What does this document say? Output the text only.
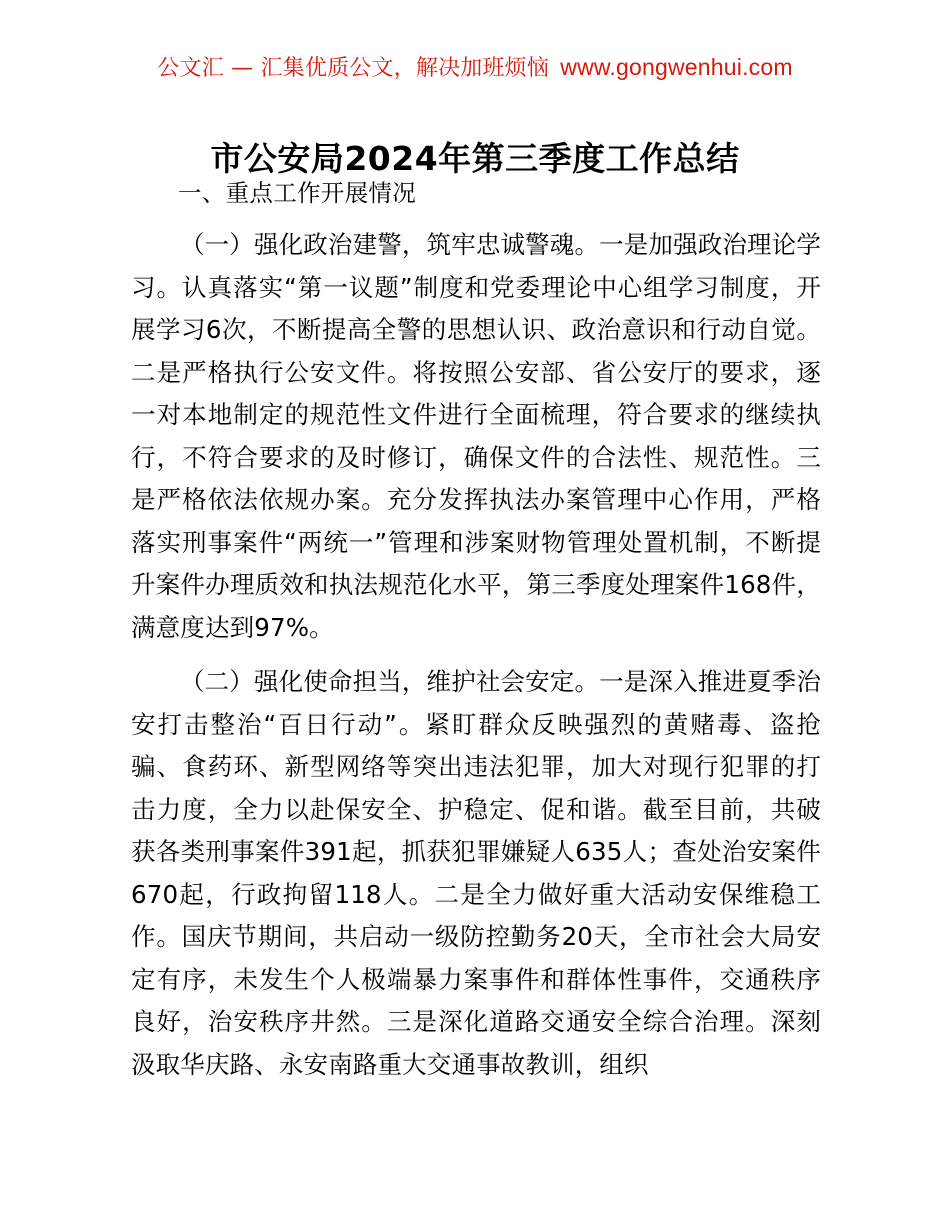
公文汇 — 汇集优质公文，解决加班烦恼 www.gongwenhui.com
市公安局2024年第三季度工作总结

一、重点工作开展情况

（一）强化政治建警，筑牢忠诚警魂。一是加强政治理论学习。认真落实“第一议题”制度和党委理论中心组学习制度，开展学习6次，不断提高全警的思想认识、政治意识和行动自觉。二是严格执行公安文件。将按照公安部、省公安厅的要求，逐一对本地制定的规范性文件进行全面梳理，符合要求的继续执行，不符合要求的及时修订，确保文件的合法性、规范性。三是严格依法依规办案。充分发挥执法办案管理中心作用，严格落实刑事案件“两统一”管理和涉案财物管理处置机制，不断提升案件办理质效和执法规范化水平，第三季度处理案件168件，满意度达到97%。

（二）强化使命担当，维护社会安定。一是深入推进夏季治安打击整治“百日行动”。紧盯群众反映强烈的黄赌毒、盗抢骗、食药环、新型网络等突出违法犯罪，加大对现行犯罪的打击力度，全力以赴保安全、护稳定、促和谐。截至目前，共破获各类刑事案件391起，抓获犯罪嫌疑人635人；查处治安案件670起，行政拘留118人。二是全力做好重大活动安保维稳工作。国庆节期间，共启动一级防控勤务20天，全市社会大局安定有序，未发生个人极端暴力案事件和群体性事件，交通秩序良好，治安秩序井然。三是深化道路交通安全综合治理。深刻汲取华庆路、永安南路重大交通事故教训，组织
